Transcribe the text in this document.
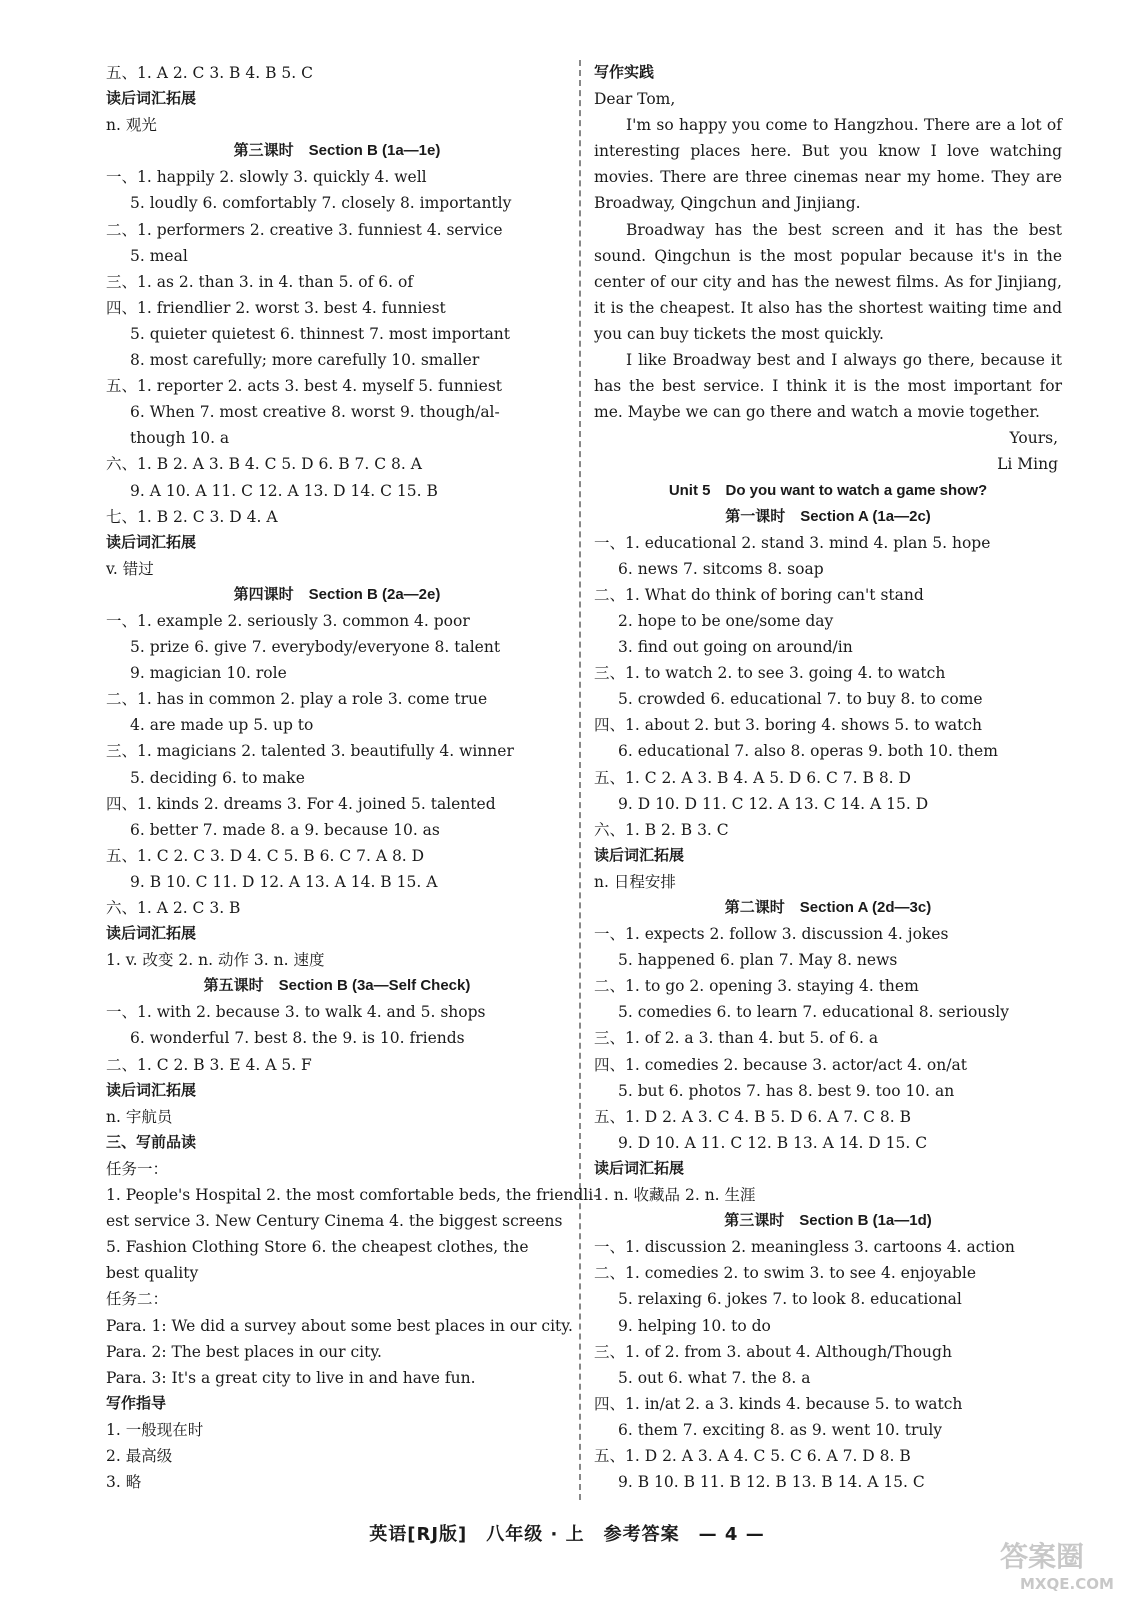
五、1. A 2. C 3. B 4. B 5. C
读后词汇拓展
n. 观光
第三课时　Section B (1a—1e)
一、1. happily 2. slowly 3. quickly 4. well
5. loudly 6. comfortably 7. closely 8. importantly
二、1. performers 2. creative 3. funniest 4. service
5. meal
三、1. as 2. than 3. in 4. than 5. of 6. of
四、1. friendlier 2. worst 3. best 4. funniest
5. quieter quietest 6. thinnest 7. most important
8. most carefully; more carefully 10. smaller
五、1. reporter 2. acts 3. best 4. myself 5. funniest
6. When 7. most creative 8. worst 9. though/al-
though 10. a
六、1. B 2. A 3. B 4. C 5. D 6. B 7. C 8. A
9. A 10. A 11. C 12. A 13. D 14. C 15. B
七、1. B 2. C 3. D 4. A
读后词汇拓展
v. 错过
第四课时　Section B (2a—2e)
一、1. example 2. seriously 3. common 4. poor
5. prize 6. give 7. everybody/everyone 8. talent
9. magician 10. role
二、1. has in common 2. play a role 3. come true
4. are made up 5. up to
三、1. magicians 2. talented 3. beautifully 4. winner
5. deciding 6. to make
四、1. kinds 2. dreams 3. For 4. joined 5. talented
6. better 7. made 8. a 9. because 10. as
五、1. C 2. C 3. D 4. C 5. B 6. C 7. A 8. D
9. B 10. C 11. D 12. A 13. A 14. B 15. A
六、1. A 2. C 3. B
读后词汇拓展
1. v. 改变 2. n. 动作 3. n. 速度
第五课时　Section B (3a—Self Check)
一、1. with 2. because 3. to walk 4. and 5. shops
6. wonderful 7. best 8. the 9. is 10. friends
二、1. C 2. B 3. E 4. A 5. F
读后词汇拓展
n. 宇航员
三、写前品读
任务一：
1. People's Hospital 2. the most comfortable beds, the friendli-
est service 3. New Century Cinema 4. the biggest screens
5. Fashion Clothing Store 6. the cheapest clothes, the
best quality
任务二：
Para. 1: We did a survey about some best places in our city.
Para. 2: The best places in our city.
Para. 3: It's a great city to live in and have fun.
写作指导
1. 一般现在时
2. 最高级
3. 略
写作实践
Dear Tom,

I'm so happy you come to Hangzhou. There are a lot of interesting places here. But you know I love watching movies. There are three cinemas near my home. They are Broadway, Qingchun and Jinjiang.

Broadway has the best screen and it has the best sound. Qingchun is the most popular because it's in the center of our city and has the newest films. As for Jinjiang, it is the cheapest. It also has the shortest waiting time and you can buy tickets the most quickly.

I like Broadway best and I always go there, because it has the best service. I think it is the most important for me. Maybe we can go there and watch a movie together.

Yours,
Li Ming
Unit 5　Do you want to watch a game show?
第一课时　Section A (1a—2c)
一、1. educational 2. stand 3. mind 4. plan 5. hope
6. news 7. sitcoms 8. soap
二、1. What do think of boring can't stand
2. hope to be one/some day
3. find out going on around/in
三、1. to watch 2. to see 3. going 4. to watch
5. crowded 6. educational 7. to buy 8. to come
四、1. about 2. but 3. boring 4. shows 5. to watch
6. educational 7. also 8. operas 9. both 10. them
五、1. C 2. A 3. B 4. A 5. D 6. C 7. B 8. D
9. D 10. D 11. C 12. A 13. C 14. A 15. D
六、1. B 2. B 3. C
读后词汇拓展
n. 日程安排
第二课时　Section A (2d—3c)
一、1. expects 2. follow 3. discussion 4. jokes
5. happened 6. plan 7. May 8. news
二、1. to go 2. opening 3. staying 4. them
5. comedies 6. to learn 7. educational 8. seriously
三、1. of 2. a 3. than 4. but 5. of 6. a
四、1. comedies 2. because 3. actor/act 4. on/at
5. but 6. photos 7. has 8. best 9. too 10. an
五、1. D 2. A 3. C 4. B 5. D 6. A 7. C 8. B
9. D 10. A 11. C 12. B 13. A 14. D 15. C
读后词汇拓展
1. n. 收藏品 2. n. 生涯
第三课时　Section B (1a—1d)
一、1. discussion 2. meaningless 3. cartoons 4. action
二、1. comedies 2. to swim 3. to see 4. enjoyable
5. relaxing 6. jokes 7. to look 8. educational
9. helping 10. to do
三、1. of 2. from 3. about 4. Although/Though
5. out 6. what 7. the 8. a
四、1. in/at 2. a 3. kinds 4. because 5. to watch
6. them 7. exciting 8. as 9. went 10. truly
五、1. D 2. A 3. A 4. C 5. C 6. A 7. D 8. B
9. B 10. B 11. B 12. B 13. B 14. A 15. C
英语[RJ版]　八年级 · 上　参考答案　— 4 —
答案圈
MXQE.COM
